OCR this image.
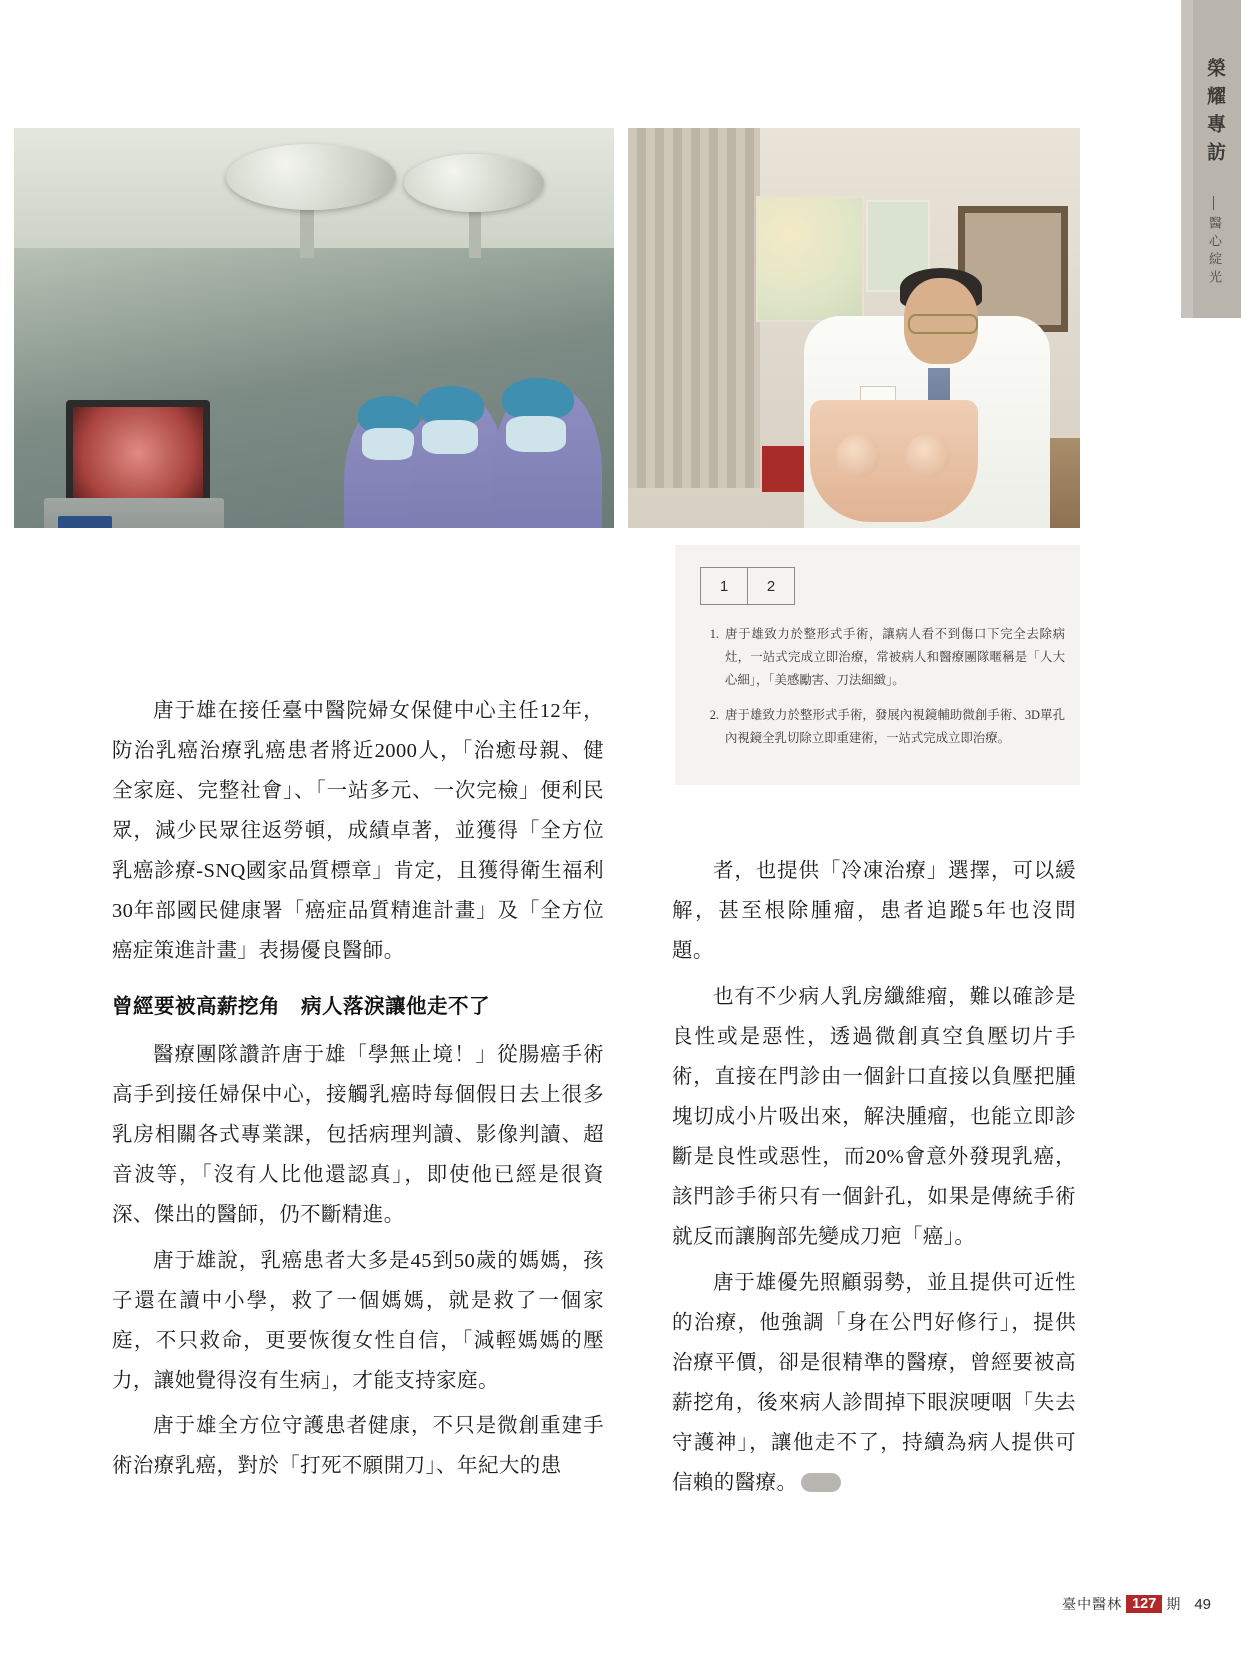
榮耀專訪
醫心綻光
1	2
1. 唐于雄致力於整形式手術，讓病人看不到傷口下完全去除病灶，一站式完成立即治療，常被病人和醫療團隊暱稱是「人大心細」，「美感勵害、刀法細緻」。
2. 唐于雄致力於整形式手術，發展內視鏡輔助微創手術、3D單孔內視鏡全乳切除立即重建術，一站式完成立即治療。

唐于雄在接任臺中醫院婦女保健中心主任12年，防治乳癌治療乳癌患者將近2000人，「治癒母親、健全家庭、完整社會」、「一站多元、一次完檢」便利民眾，減少民眾往返勞頓，成績卓著，並獲得「全方位乳癌診療-SNQ國家品質標章」肯定，且獲得衛生福利30年部國民健康署「癌症品質精進計畫」及「全方位癌症策進計畫」表揚優良醫師。

曾經要被高薪挖角　病人落淚讓他走不了

醫療團隊讚許唐于雄「學無止境！」從腸癌手術高手到接任婦保中心，接觸乳癌時每個假日去上很多乳房相關各式專業課，包括病理判讀、影像判讀、超音波等，「沒有人比他還認真」，即使他已經是很資深、傑出的醫師，仍不斷精進。

唐于雄說，乳癌患者大多是45到50歲的媽媽，孩子還在讀中小學，救了一個媽媽，就是救了一個家庭，不只救命，更要恢復女性自信，「減輕媽媽的壓力，讓她覺得沒有生病」，才能支持家庭。

唐于雄全方位守護患者健康，不只是微創重建手術治療乳癌，對於「打死不願開刀」、年紀大的患

者，也提供「冷凍治療」選擇，可以緩解，甚至根除腫瘤，患者追蹤5年也沒問題。

也有不少病人乳房纖維瘤，難以確診是良性或是惡性，透過微創真空負壓切片手術，直接在門診由一個針口直接以負壓把腫塊切成小片吸出來，解決腫瘤，也能立即診斷是良性或惡性，而20%會意外發現乳癌，該門診手術只有一個針孔，如果是傳統手術就反而讓胸部先變成刀疤「癌」。

唐于雄優先照顧弱勢，並且提供可近性的治療，他強調「身在公門好修行」，提供治療平價，卻是很精準的醫療，曾經要被高薪挖角，後來病人診間掉下眼淚哽咽「失去守護神」，讓他走不了，持續為病人提供可信賴的醫療。»»

臺中醫林 127 期 49
